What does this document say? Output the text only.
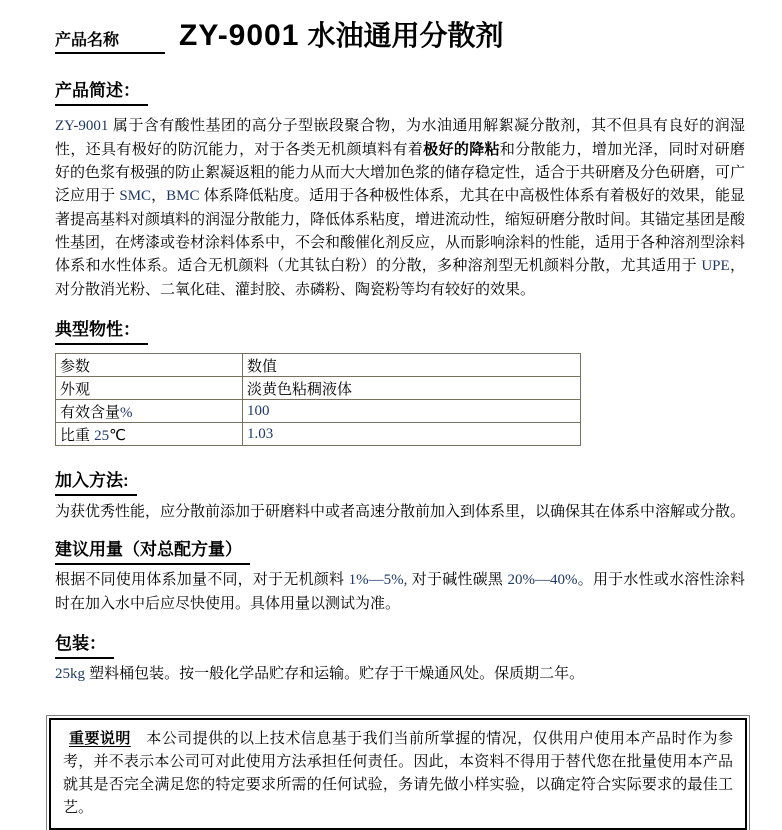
产品名称 ZY-9001 水油通用分散剂
产品简述：

ZY-9001 属于含有酸性基团的高分子型嵌段聚合物，为水油通用解絮凝分散剂，其不但具有良好的润湿性，还具有极好的防沉能力，对于各类无机颜填料有着极好的降粘和分散能力，增加光泽，同时对研磨好的色浆有极强的防止絮凝返粗的能力从而大大增加色浆的储存稳定性，适合于共研磨及分色研磨，可广泛应用于 SMC，BMC 体系降低粘度。适用于各种极性体系，尤其在中高极性体系有着极好的效果，能显著提高基料对颜填料的润湿分散能力，降低体系粘度，增进流动性，缩短研磨分散时间。其锚定基团是酸性基团，在烤漆或卷材涂料体系中，不会和酸催化剂反应，从而影响涂料的性能，适用于各种溶剂型涂料体系和水性体系。适合无机颜料（尤其钛白粉）的分散，多种溶剂型无机颜料分散，尤其适用于 UPE，对分散消光粉、二氧化硅、灌封胶、赤磷粉、陶瓷粉等均有较好的效果。

典型物性：
参数	数值
外观	淡黄色粘稠液体
有效含量%	100
比重 25℃	1.03
加入方法:

为获优秀性能，应分散前添加于研磨料中或者高速分散前加入到体系里，以确保其在体系中溶解或分散。

建议用量（对总配方量）

根据不同使用体系加量不同，对于无机颜料 1%—5%, 对于碱性碳黑 20%—40%。用于水性或水溶性涂料时在加入水中后应尽快使用。具体用量以测试为准。

包装：

25kg 塑料桶包装。按一般化学品贮存和运输。贮存于干燥通风处。保质期二年。

重要说明　本公司提供的以上技术信息基于我们当前所掌握的情况，仅供用户使用本产品时作为参考，并不表示本公司可对此使用方法承担任何责任。因此，本资料不得用于替代您在批量使用本产品就其是否完全满足您的特定要求所需的任何试验，务请先做小样实验，以确定符合实际要求的最佳工艺。
